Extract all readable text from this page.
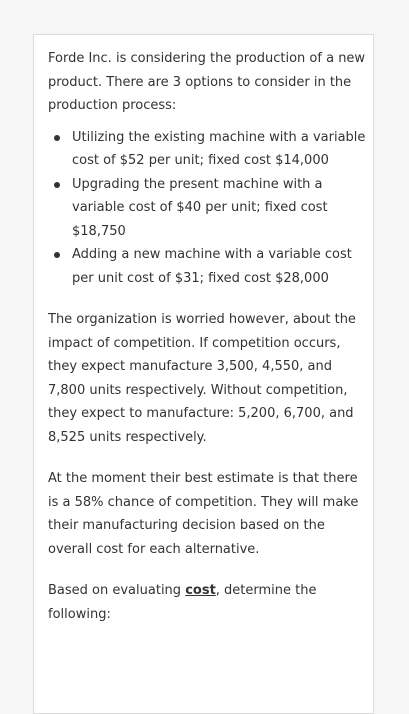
Forde Inc. is considering the production of a new product. There are 3 options to consider in the production process:

Utilizing the existing machine with a variable cost of $52 per unit; fixed cost $14,000
Upgrading the present machine with a variable cost of $40 per unit; fixed cost $18,750
Adding a new machine with a variable cost per unit cost of $31; fixed cost $28,000

The organization is worried however, about the impact of competition. If competition occurs, they expect manufacture 3,500, 4,550, and 7,800 units respectively. Without competition, they expect to manufacture: 5,200, 6,700, and 8,525 units respectively.

At the moment their best estimate is that there is a 58% chance of competition. They will make their manufacturing decision based on the overall cost for each alternative.

Based on evaluating cost, determine the following:
